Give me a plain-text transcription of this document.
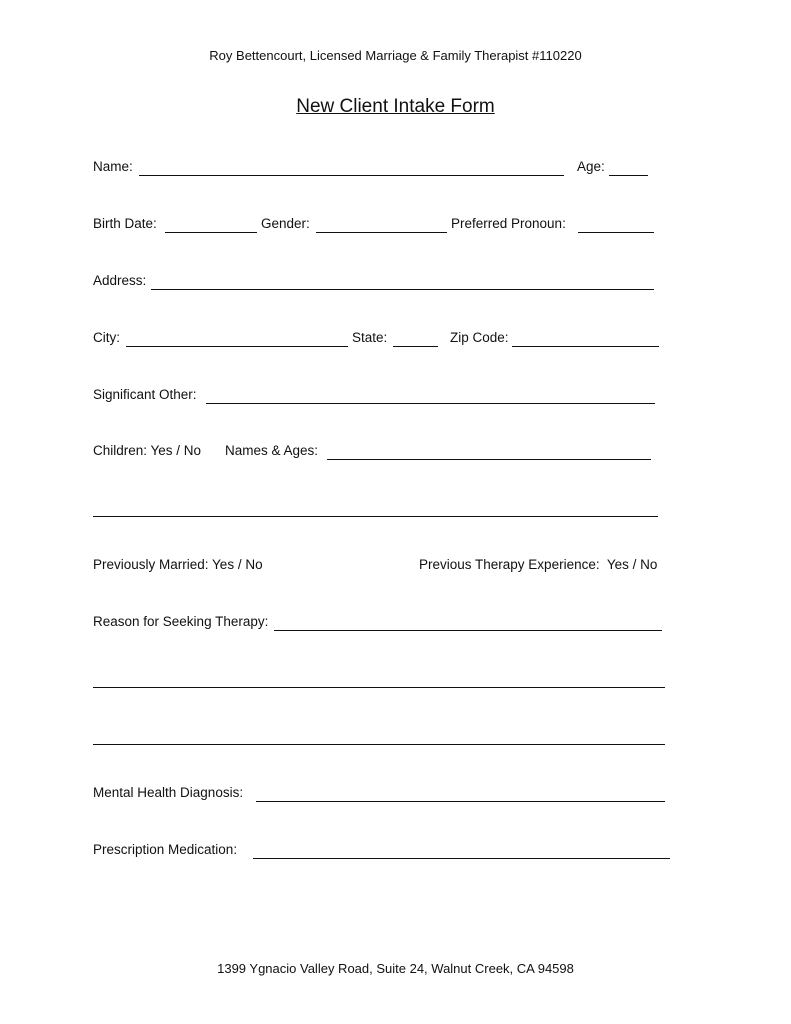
Roy Bettencourt, Licensed Marriage & Family Therapist #110220
New Client Intake Form
Name:	Age:
Birth Date:	Gender:	Preferred Pronoun:
Address:
City:	State:	Zip Code:
Significant Other:
Children: Yes / No Names & Ages:
Previously Married: Yes / No	Previous Therapy Experience:  Yes / No
Reason for Seeking Therapy:
Mental Health Diagnosis:
Prescription Medication:
1399 Ygnacio Valley Road, Suite 24, Walnut Creek, CA 94598
